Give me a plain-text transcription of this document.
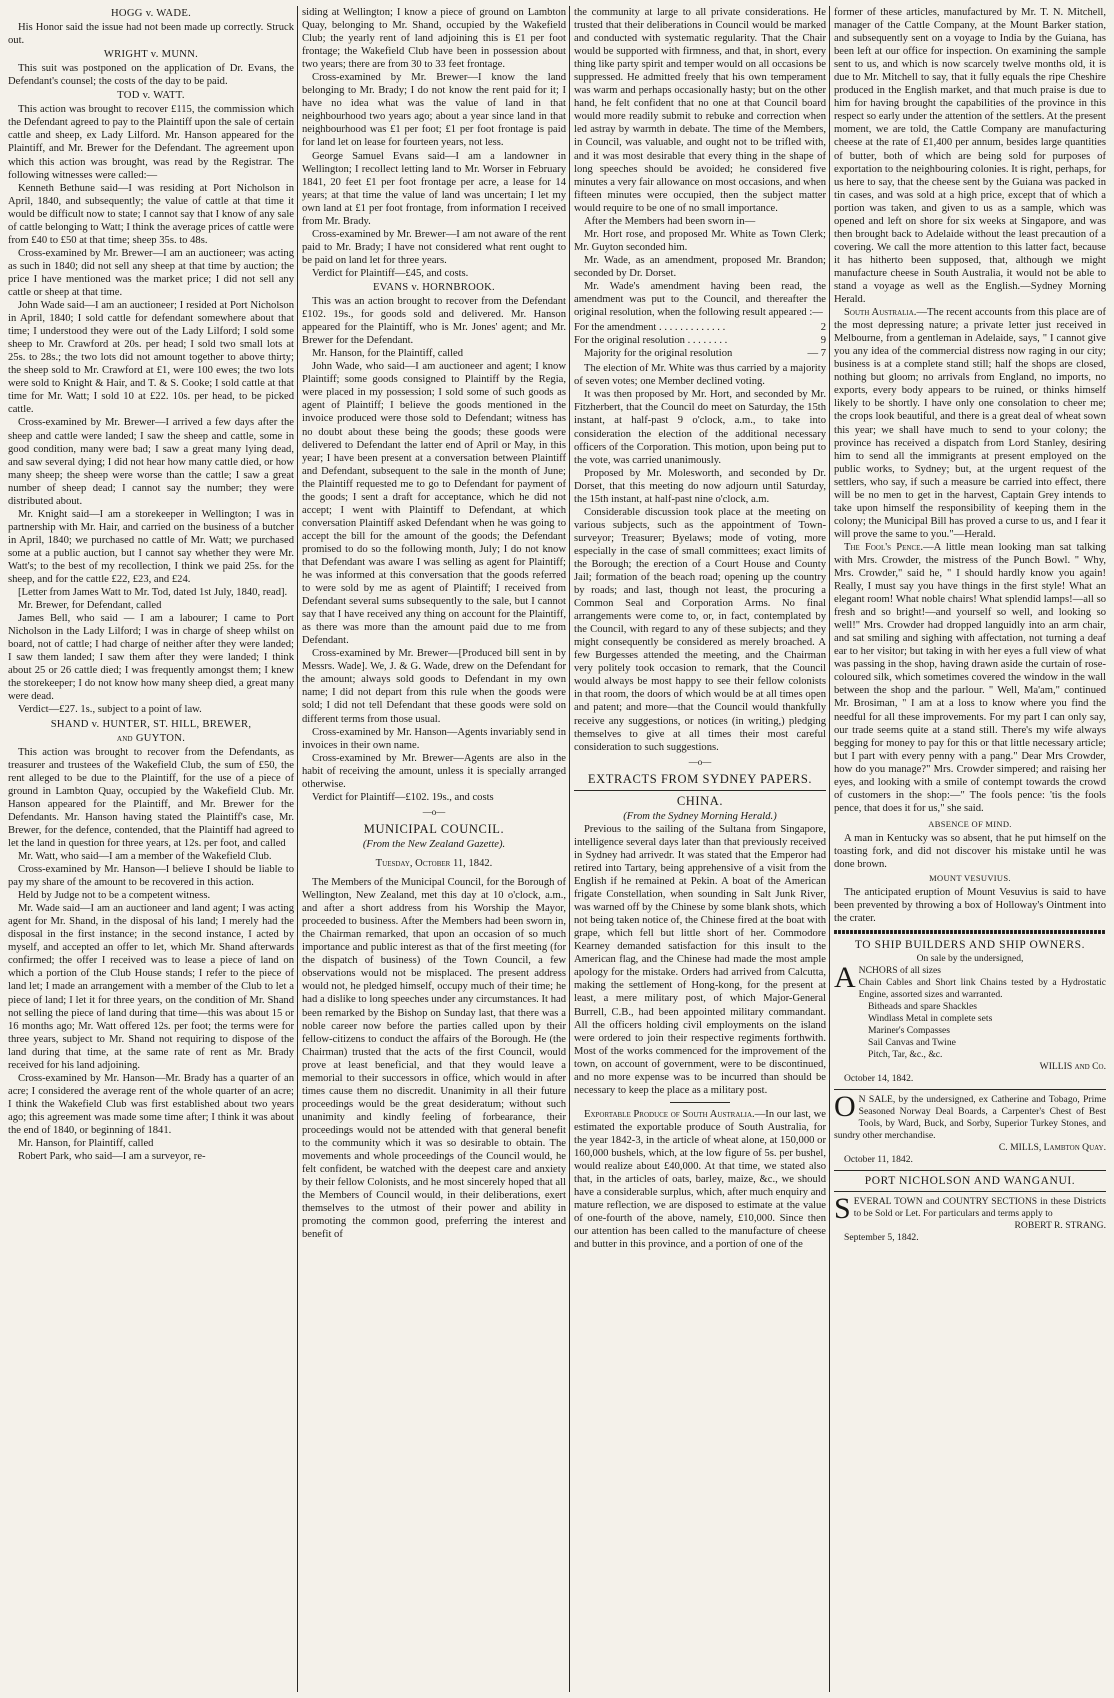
HOGG v. WADE.

His Honor said the issue had not been made up correctly. Struck out.

WRIGHT v. MUNN.

This suit was postponed on the application of Dr. Evans, the Defendant's counsel; the costs of the day to be paid.

TOD v. WATT.

This action was brought to recover £115, the commission which the Defendant agreed to pay to the Plaintiff upon the sale of certain cattle and sheep, ex Lady Lilford. Mr. Hanson appeared for the Plaintiff, and Mr. Brewer for the Defendant. The agreement upon which this action was brought, was read by the Registrar. The following witnesses were called:—

Kenneth Bethune said—I was residing at Port Nicholson in April, 1840, and subsequently; the value of cattle at that time it would be difficult now to state; I cannot say that I know of any sale of cattle belonging to Watt; I think the average prices of cattle were from £40 to £50 at that time; sheep 35s. to 48s.

Cross-examined by Mr. Brewer—I am an auctioneer; was acting as such in 1840; did not sell any sheep at that time by auction; the price I have mentioned was the market price; I did not sell any cattle or sheep at that time.

John Wade said—I am an auctioneer; I resided at Port Nicholson in April, 1840; I sold cattle for defendant somewhere about that time; I understood they were out of the Lady Lilford; I sold some sheep to Mr. Crawford at 20s. per head; I sold two small lots at 25s. to 28s.; the two lots did not amount together to above thirty; the sheep sold to Mr. Crawford at £1, were 100 ewes; the two lots were sold to Knight & Hair, and T. & S. Cooke; I sold cattle at that time for Mr. Watt; I sold 10 at £22. 10s. per head, to be picked cattle.

Cross-examined by Mr. Brewer—I arrived a few days after the sheep and cattle were landed; I saw the sheep and cattle, some in good condition, many were bad; I saw a great many lying dead, and saw several dying; I did not hear how many cattle died, or how many sheep; the sheep were worse than the cattle; I saw a great number of sheep dead; I cannot say the number; they were distributed about.

Mr. Knight said—I am a storekeeper in Wellington; I was in partnership with Mr. Hair, and carried on the business of a butcher in April, 1840; we purchased no cattle of Mr. Watt; we purchased some at a public auction, but I cannot say whether they were Mr. Watt's; to the best of my recollection, I think we paid 25s. for the sheep, and for the cattle £22, £23, and £24.

[Letter from James Watt to Mr. Tod, dated 1st July, 1840, read].

Mr. Brewer, for Defendant, called

James Bell, who said — I am a labourer; I came to Port Nicholson in the Lady Lilford; I was in charge of sheep whilst on board, not of cattle; I had charge of neither after they were landed; I saw them landed; I saw them after they were landed; I think about 25 or 26 cattle died; I was frequently amongst them; I knew the storekeeper; I do not know how many sheep died, a great many were dead.

Verdict—£27. 1s., subject to a point of law.

SHAND v. HUNTER, ST. HILL, BREWER,
and GUYTON.

This action was brought to recover from the Defendants, as treasurer and trustees of the Wakefield Club, the sum of £50, the rent alleged to be due to the Plaintiff, for the use of a piece of ground in Lambton Quay, occupied by the Wakefield Club. Mr. Hanson appeared for the Plaintiff, and Mr. Brewer for the Defendants. Mr. Hanson having stated the Plaintiff's case, Mr. Brewer, for the defence, contended, that the Plaintiff had agreed to let the land in question for three years, at 12s. per foot, and called

Mr. Watt, who said—I am a member of the Wakefield Club.

Cross-examined by Mr. Hanson—I believe I should be liable to pay my share of the amount to be recovered in this action.

Held by Judge not to be a competent witness.

Mr. Wade said—I am an auctioneer and land agent; I was acting agent for Mr. Shand, in the disposal of his land; I merely had the disposal in the first instance; in the second instance, I acted by myself, and accepted an offer to let, which Mr. Shand afterwards confirmed; the offer I received was to lease a piece of land on which a portion of the Club House stands; I refer to the piece of land let; I made an arrangement with a member of the Club to let a piece of land; I let it for three years, on the condition of Mr. Shand not selling the piece of land during that time—this was about 15 or 16 months ago; Mr. Watt offered 12s. per foot; the terms were for three years, subject to Mr. Shand not requiring to dispose of the land during that time, at the same rate of rent as Mr. Brady received for his land adjoining.

Cross-examined by Mr. Hanson—Mr. Brady has a quarter of an acre; I considered the average rent of the whole quarter of an acre; I think the Wakefield Club was first established about two years ago; this agreement was made some time after; I think it was about the end of 1840, or beginning of 1841.

Mr. Hanson, for Plaintiff, called

Robert Park, who said—I am a surveyor, re-

siding at Wellington; I know a piece of ground on Lambton Quay, belonging to Mr. Shand, occupied by the Wakefield Club; the yearly rent of land adjoining this is £1 per foot frontage; the Wakefield Club have been in possession about two years; there are from 30 to 33 feet frontage.

Cross-examined by Mr. Brewer—I know the land belonging to Mr. Brady; I do not know the rent paid for it; I have no idea what was the value of land in that neighbourhood two years ago; about a year since land in that neighbourhood was £1 per foot; £1 per foot frontage is paid for land let on lease for fourteen years, not less.

George Samuel Evans said—I am a landowner in Wellington; I recollect letting land to Mr. Worser in February 1841, 20 feet £1 per foot frontage per acre, a lease for 14 years; at that time the value of land was uncertain; I let my own land at £1 per foot frontage, from information I received from Mr. Brady.

Cross-examined by Mr. Brewer—I am not aware of the rent paid to Mr. Brady; I have not considered what rent ought to be paid on land let for three years.

Verdict for Plaintiff—£45, and costs.

EVANS v. HORNBROOK.

This was an action brought to recover from the Defendant £102. 19s., for goods sold and delivered. Mr. Hanson appeared for the Plaintiff, who is Mr. Jones' agent; and Mr. Brewer for the Defendant.

Mr. Hanson, for the Plaintiff, called

John Wade, who said—I am auctioneer and agent; I know Plaintiff; some goods consigned to Plaintiff by the Regia, were placed in my possession; I sold some of such goods as agent of Plaintiff; I believe the goods mentioned in the invoice produced were those sold to Defendant; witness has no doubt about these being the goods; these goods were delivered to Defendant the latter end of April or May, in this year; I have been present at a conversation between Plaintiff and Defendant, subsequent to the sale in the month of June; the Plaintiff requested me to go to Defendant for payment of the goods; I sent a draft for acceptance, which he did not accept; I went with Plaintiff to Defendant, at which conversation Plaintiff asked Defendant when he was going to accept the bill for the amount of the goods; the Defendant promised to do so the following month, July; I do not know that Defendant was aware I was selling as agent for Plaintiff; he was informed at this conversation that the goods referred to were sold by me as agent of Plaintiff; I received from Defendant several sums subsequently to the sale, but I cannot say that I have received any thing on account for the Plaintiff, as there was more than the amount paid due to me from Defendant.

Cross-examined by Mr. Brewer—[Produced bill sent in by Messrs. Wade]. We, J. & G. Wade, drew on the Defendant for the amount; always sold goods to Defendant in my own name; I did not depart from this rule when the goods were sold; I did not tell Defendant that these goods were sold on different terms from those usual.

Cross-examined by Mr. Hanson—Agents invariably send in invoices in their own name.

Cross-examined by Mr. Brewer—Agents are also in the habit of receiving the amount, unless it is specially arranged otherwise.

Verdict for Plaintiff—£102. 19s., and costs

—o—
MUNICIPAL COUNCIL.

(From the New Zealand Gazette).

Tuesday, October 11, 1842.

The Members of the Municipal Council, for the Borough of Wellington, New Zealand, met this day at 10 o'clock, a.m., and after a short address from his Worship the Mayor, proceeded to business. After the Members had been sworn in, the Chairman remarked, that upon an occasion of so much importance and public interest as that of the first meeting (for the dispatch of business) of the Town Council, a few observations would not be misplaced. The present address would not, he pledged himself, occupy much of their time; he had a dislike to long speeches under any circumstances. It had been remarked by the Bishop on Sunday last, that there was a noble career now before the parties called upon by their fellow-citizens to conduct the affairs of the Borough. He (the Chairman) trusted that the acts of the first Council, would prove at least beneficial, and that they would leave a memorial to their successors in office, which would in after times cause them no discredit. Unanimity in all their future proceedings would be the great desideratum; without such unanimity and kindly feeling of forbearance, their proceedings would not be attended with that general benefit to the community which it was so desirable to obtain. The movements and whole proceedings of the Council would, he felt confident, be watched with the deepest care and anxiety by their fellow Colonists, and he most sincerely hoped that all the Members of Council would, in their deliberations, exert themselves to the utmost of their power and ability in promoting the common good, preferring the interest and benefit of

the community at large to all private considerations. He trusted that their deliberations in Council would be marked and conducted with systematic regularity. That the Chair would be supported with firmness, and that, in short, every thing like party spirit and temper would on all occasions be suppressed. He admitted freely that his own temperament was warm and perhaps occasionally hasty; but on the other hand, he felt confident that no one at that Council board would more readily submit to rebuke and correction when led astray by warmth in debate. The time of the Members, in Council, was valuable, and ought not to be trifled with, and it was most desirable that every thing in the shape of long speeches should be avoided; he considered five minutes a very fair allowance on most occasions, and when fifteen minutes were occupied, then the subject matter would require to be one of no small importance.

After the Members had been sworn in—

Mr. Hort rose, and proposed Mr. White as Town Clerk; Mr. Guyton seconded him.

Mr. Wade, as an amendment, proposed Mr. Brandon; seconded by Dr. Dorset.

Mr. Wade's amendment having been read, the amendment was put to the Council, and thereafter the original resolution, when the following result appeared :—

For the amendment . . . . . . . . . . . . .	2
For the original resolution . . . . . . . .	9
Majority for the original resolution	— 7

The election of Mr. White was thus carried by a majority of seven votes; one Member declined voting.

It was then proposed by Mr. Hort, and seconded by Mr. Fitzherbert, that the Council do meet on Saturday, the 15th instant, at half-past 9 o'clock, a.m., to take into consideration the election of the additional necessary officers of the Corporation. This motion, upon being put to the vote, was carried unanimously.

Proposed by Mr. Molesworth, and seconded by Dr. Dorset, that this meeting do now adjourn until Saturday, the 15th instant, at half-past nine o'clock, a.m.

Considerable discussion took place at the meeting on various subjects, such as the appointment of Town-surveyor; Treasurer; Byelaws; mode of voting, more especially in the case of small committees; exact limits of the Borough; the erection of a Court House and County Jail; formation of the beach road; opening up the country by roads; and last, though not least, the procuring a Common Seal and Corporation Arms. No final arrangements were come to, or, in fact, contemplated by the Council, with regard to any of these subjects; and they might consequently be considered as merely broached. A few Burgesses attended the meeting, and the Chairman very politely took occasion to remark, that the Council would always be most happy to see their fellow colonists in that room, the doors of which would be at all times open and patent; and more—that the Council would thankfully receive any suggestions, or notices (in writing,) pledging themselves to give at all times their most careful consideration to such suggestions.

—o—
EXTRACTS FROM SYDNEY PAPERS.
CHINA.

(From the Sydney Morning Herald.)

Previous to the sailing of the Sultana from Singapore, intelligence several days later than that previously received in Sydney had arrivedr. It was stated that the Emperor had retired into Tartary, being apprehensive of a visit from the English if he remained at Pekin. A boat of the American frigate Constellation, when sounding in Salt Junk River, was warned off by the Chinese by some blank shots, which not being taken notice of, the Chinese fired at the boat with grape, which fell but little short of her. Commodore Kearney demanded satisfaction for this insult to the American flag, and the Chinese had made the most ample apology for the mistake. Orders had arrived from Calcutta, making the settlement of Hong-kong, for the present at least, a mere military post, of which Major-General Burrell, C.B., had been appointed military commandant. All the officers holding civil employments on the island were ordered to join their respective regiments forthwith. Most of the works commenced for the improvement of the town, on account of government, were to be discontinued, and no more expense was to be incurred than should be necessary to keep the place as a military post.

Exportable Produce of South Australia.—In our last, we estimated the exportable produce of South Australia, for the year 1842-3, in the article of wheat alone, at 150,000 or 160,000 bushels, which, at the low figure of 5s. per bushel, would realize about £40,000. At that time, we stated also that, in the articles of oats, barley, maize, &c., we should have a considerable surplus, which, after much enquiry and mature reflection, we are disposed to estimate at the value of one-fourth of the above, namely, £10,000. Since then our attention has been called to the manufacture of cheese and butter in this province, and a portion of one of the

former of these articles, manufactured by Mr. T. N. Mitchell, manager of the Cattle Company, at the Mount Barker station, and subsequently sent on a voyage to India by the Guiana, has been left at our office for inspection. On examining the sample sent to us, and which is now scarcely twelve months old, it is due to Mr. Mitchell to say, that it fully equals the ripe Cheshire produced in the English market, and that much praise is due to him for having brought the capabilities of the province in this respect so early under the attention of the settlers. At the present moment, we are told, the Cattle Company are manufacturing cheese at the rate of £1,400 per annum, besides large quantities of butter, both of which are being sold for purposes of exportation to the neighbouring colonies. It is right, perhaps, for us here to say, that the cheese sent by the Guiana was packed in tin cases, and was sold at a high price, except that of which a portion was taken, and given to us as a sample, which was opened and left on shore for six weeks at Singapore, and was then brought back to Adelaide without the least precaution of a covering. We call the more attention to this latter fact, because it has hitherto been supposed, that, although we might manufacture cheese in South Australia, it would not be able to stand a voyage as well as the English.—Sydney Morning Herald.

South Australia.—The recent accounts from this place are of the most depressing nature; a private letter just received in Melbourne, from a gentleman in Adelaide, says, " I cannot give you any idea of the commercial distress now raging in our city; business is at a complete stand still; half the shops are closed, nothing but gloom; no arrivals from England, no imports, no exports, every body appears to be ruined, or thinks himself likely to be shortly. I have only one consolation to cheer me; the crops look beautiful, and there is a great deal of wheat sown this year; we shall have much to send to your colony; the province has received a dispatch from Lord Stanley, desiring him to send all the immigrants at present employed on the public works, to Sydney; but, at the urgent request of the settlers, who say, if such a measure be carried into effect, there will be no men to get in the harvest, Captain Grey intends to take upon himself the responsibility of keeping them in the colony; the Municipal Bill has proved a curse to us, and I fear it will prove the same to you."—Herald.

The Fool's Pence.—A little mean looking man sat talking with Mrs. Crowder, the mistress of the Punch Bowl. " Why, Mrs. Crowder," said he, " I should hardly know you again! Really, I must say you have things in the first style! What an elegant room! What noble chairs! What splendid lamps!—all so fresh and so bright!—and yourself so well, and looking so well!" Mrs. Crowder had dropped languidly into an arm chair, and sat smiling and sighing with affectation, not turning a deaf ear to her visitor; but taking in with her eyes a full view of what was passing in the shop, having drawn aside the curtain of rose-coloured silk, which sometimes covered the window in the wall between the shop and the parlour. " Well, Ma'am," continued Mr. Brosiman, " I am at a loss to know where you find the needful for all these improvements. For my part I can only say, our trade seems quite at a stand still. There's my wife always begging for money to pay for this or that little necessary article; but I part with every penny with a pang." Dear Mrs Crowder, how do you manage?" Mrs. Crowder simpered; and raising her eyes, and looking with a smile of contempt towards the crowd of customers in the shop:—" The fools pence: 'tis the fools pence, that does it for us," she said.

ABSENCE OF MIND.

A man in Kentucky was so absent, that he put himself on the toasting fork, and did not discover his mistake until he was done brown.

MOUNT VESUVIUS.

The anticipated eruption of Mount Vesuvius is said to have been prevented by throwing a box of Holloway's Ointment into the crater.

TO SHIP BUILDERS AND SHIP OWNERS.

On sale by the undersigned,

A NCHORS of all sizes

Chain Cables and Short link Chains tested by a Hydrostatic Engine, assorted sizes and warranted.

Bitheads and spare Shackles

Windlass Metal in complete sets

Mariner's Compasses

Sail Canvas and Twine

Pitch, Tar, &c., &c.

WILLIS and Co.

October 14, 1842.

O N SALE, by the undersigned, ex Catherine and Tobago, Prime Seasoned Norway Deal Boards, a Carpenter's Chest of Best Tools, by Ward, Buck, and Sorby, Superior Turkey Stones, and sundry other merchandise.

C. MILLS, Lambton Quay.

October 11, 1842.

PORT NICHOLSON AND WANGANUI.
S EVERAL TOWN and COUNTRY SECTIONS in these Districts to be Sold or Let. For particulars and terms apply to

ROBERT R. STRANG.

September 5, 1842.
